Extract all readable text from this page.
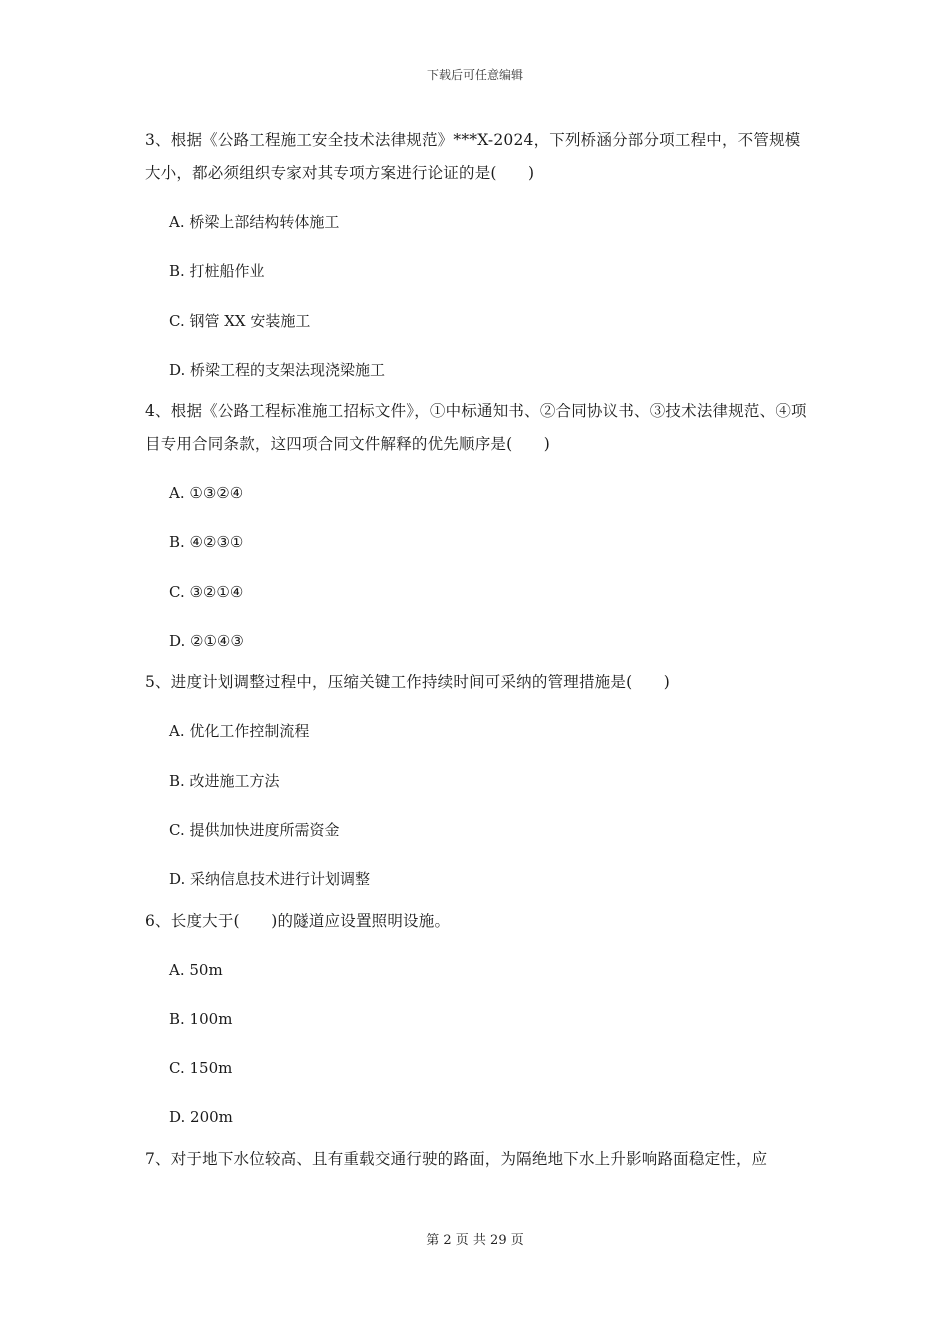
下载后可任意编辑

3、根据《公路工程施工安全技术法律规范》***X-2024，下列桥涵分部分项工程中，不管规模大小，都必须组织专家对其专项方案进行论证的是(　　)

A. 桥梁上部结构转体施工

B. 打桩船作业

C. 钢管 XX 安装施工

D. 桥梁工程的支架法现浇梁施工

4、根据《公路工程标准施工招标文件》，①中标通知书、②合同协议书、③技术法律规范、④项目专用合同条款，这四项合同文件解释的优先顺序是(　　)

A. ①③②④

B. ④②③①

C. ③②①④

D. ②①④③

5、进度计划调整过程中，压缩关键工作持续时间可采纳的管理措施是(　　)

A. 优化工作控制流程

B. 改进施工方法

C. 提供加快进度所需资金

D. 采纳信息技术进行计划调整

6、长度大于(　　)的隧道应设置照明设施。

A. 50m

B. 100m

C. 150m

D. 200m

7、对于地下水位较高、且有重载交通行驶的路面，为隔绝地下水上升影响路面稳定性，应

第 2 页 共 29 页
